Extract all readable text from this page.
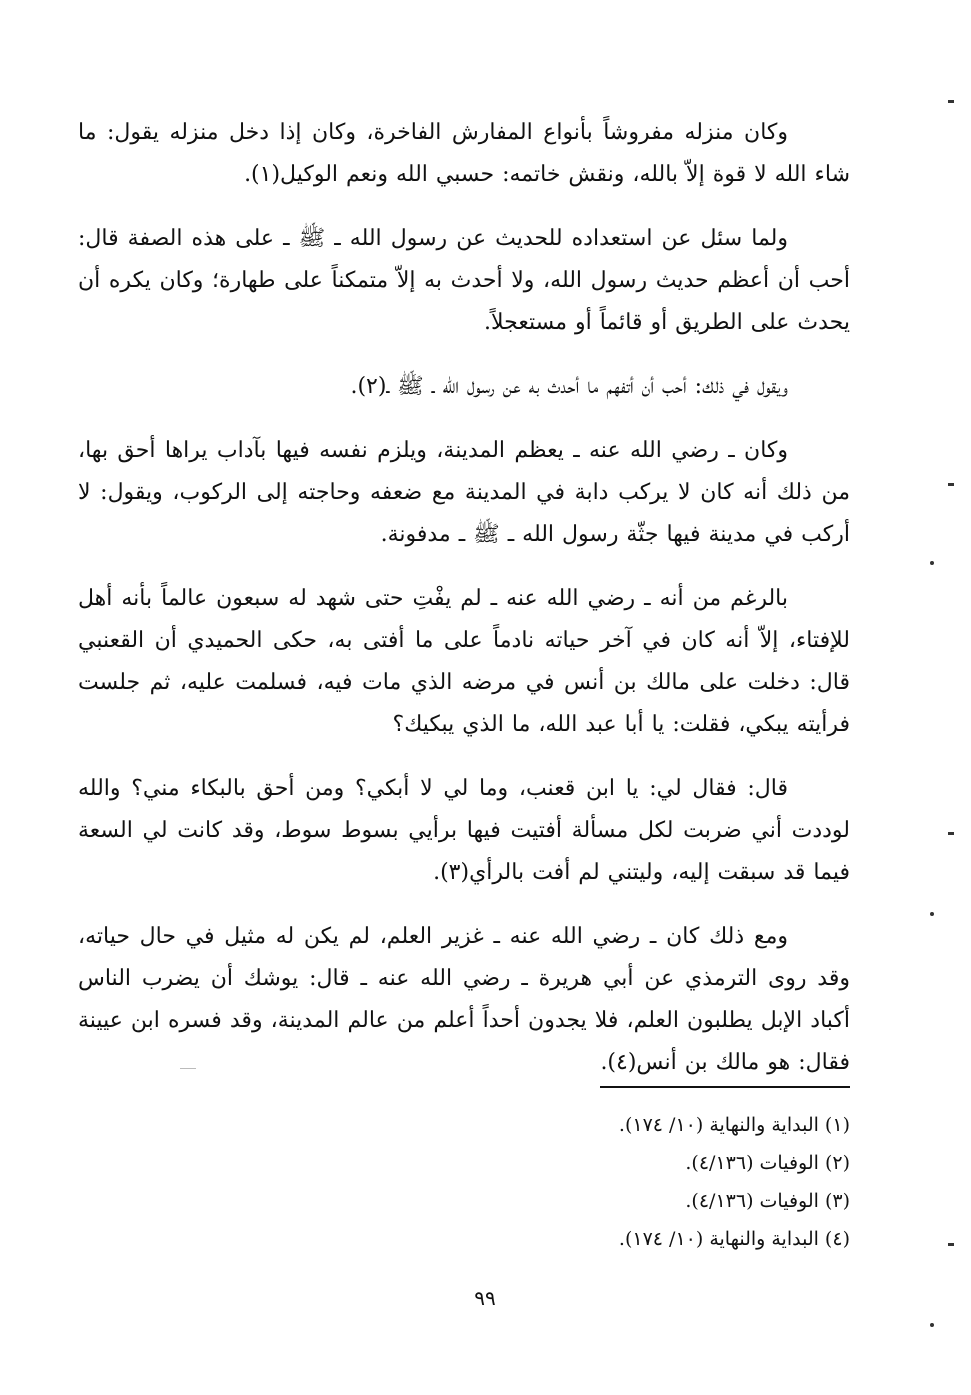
وكان منزله مفروشاً بأنواع المفارش الفاخرة، وكان إذا دخل منزله يقول: ما شاء الله لا قوة إلاّ بالله، ونقش خاتمه: حسبي الله ونعم الوكيل(١).

ولما سئل عن استعداده للحديث عن رسول الله ـ ﷺ ـ على هذه الصفة قال: أحب أن أعظم حديث رسول الله، ولا أحدث به إلاّ متمكناً على طهارة؛ وكان يكره أن يحدث على الطريق أو قائماً أو مستعجلاً.

ويقول في ذلك: أحب أن أتفهم ما أحدث به عن رسول الله ـ ﷺ ـ(٢).

وكان ـ رضي الله عنه ـ يعظم المدينة، ويلزم نفسه فيها بآداب يراها أحق بها، من ذلك أنه كان لا يركب دابة في المدينة مع ضعفه وحاجته إلى الركوب، ويقول: لا أركب في مدينة فيها جثّة رسول الله ـ ﷺ ـ مدفونة.

بالرغم من أنه ـ رضي الله عنه ـ لم يفْتِ حتى شهد له سبعون عالماً بأنه أهل للإفتاء، إلاّ أنه كان في آخر حياته نادماً على ما أفتى به، حكى الحميدي أن القعنبي قال: دخلت على مالك بن أنس في مرضه الذي مات فيه، فسلمت عليه، ثم جلست فرأيته يبكي، فقلت: يا أبا عبد الله، ما الذي يبكيك؟

قال: فقال لي: يا ابن قعنب، وما لي لا أبكي؟ ومن أحق بالبكاء مني؟ والله لوددت أني ضربت لكل مسألة أفتيت فيها برأيي بسوط سوط، وقد كانت لي السعة فيما قد سبقت إليه، وليتني لم أفت بالرأي(٣).

ومع ذلك كان ـ رضي الله عنه ـ غزير العلم، لم يكن له مثيل في حال حياته، وقد روى الترمذي عن أبي هريرة ـ رضي الله عنه ـ قال: يوشك أن يضرب الناس أكباد الإبل يطلبون العلم، فلا يجدون أحداً أعلم من عالم المدينة، وقد فسره ابن عيينة فقال: هو مالك بن أنس(٤).

(١) البداية والنهاية (١٠/ ١٧٤).
(٢) الوفيات (٤/١٣٦).
(٣) الوفيات (٤/١٣٦).
(٤) البداية والنهاية (١٠/ ١٧٤).
٩٩
